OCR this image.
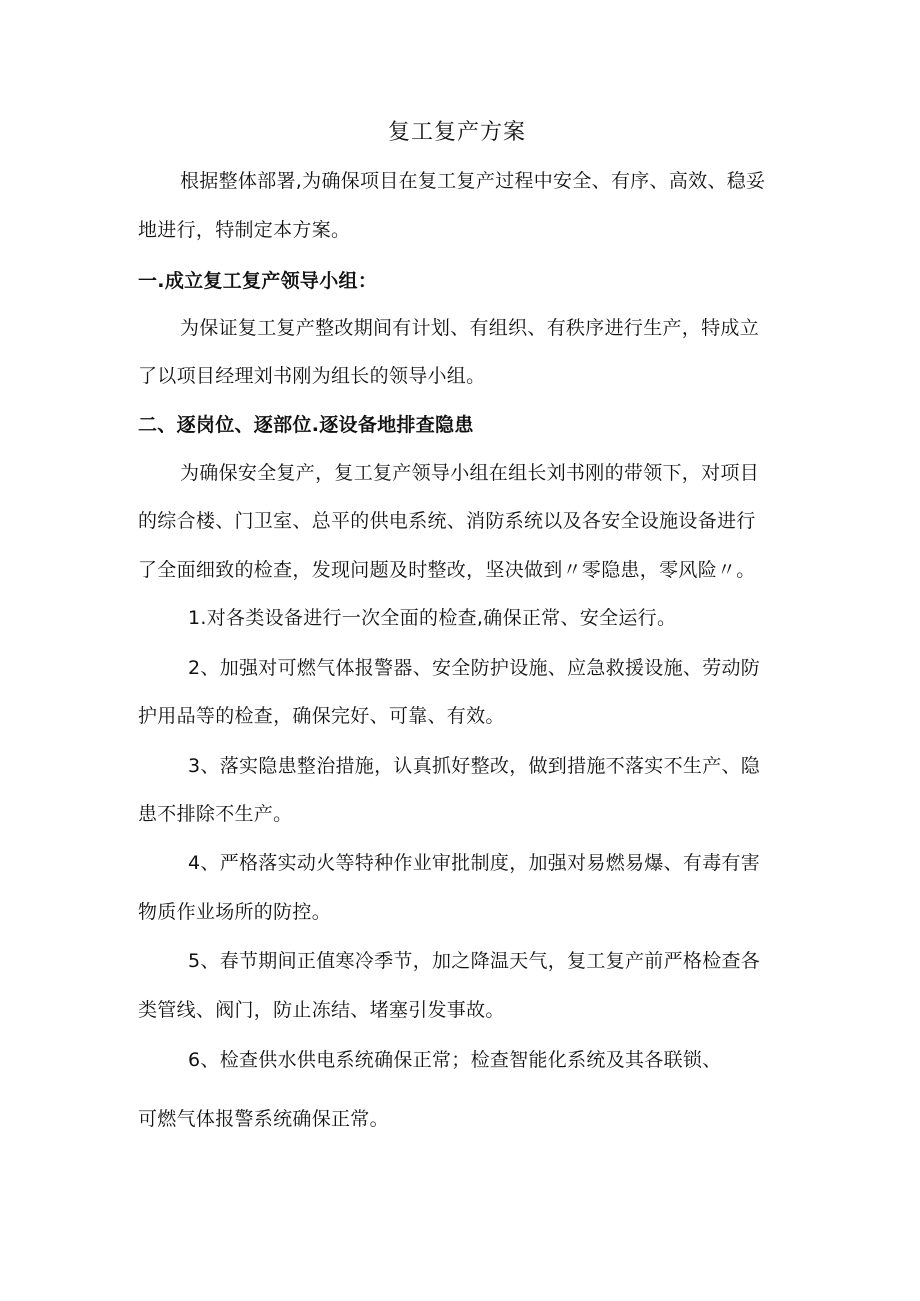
复工复产方案

根据整体部署,为确保项目在复工复产过程中安全、有序、高效、稳妥

地进行，特制定本方案。

一.成立复工复产领导小组：

为保证复工复产整改期间有计划、有组织、有秩序进行生产，特成立

了以项目经理刘书刚为组长的领导小组。

二、逐岗位、逐部位.逐设备地排查隐患

为确保安全复产，复工复产领导小组在组长刘书刚的带领下，对项目

的综合楼、门卫室、总平的供电系统、消防系统以及各安全设施设备进行

了全面细致的检查，发现问题及时整改，坚决做到〃零隐患，零风险〃。

1.对各类设备进行一次全面的检查,确保正常、安全运行。

2、加强对可燃气体报警器、安全防护设施、应急救援设施、劳动防

护用品等的检查，确保完好、可靠、有效。

3、落实隐患整治措施，认真抓好整改，做到措施不落实不生产、隐

患不排除不生产。

4、严格落实动火等特种作业审批制度，加强对易燃易爆、有毒有害

物质作业场所的防控。

5、春节期间正值寒冷季节，加之降温天气，复工复产前严格检查各

类管线、阀门，防止冻结、堵塞引发事故。

6、检查供水供电系统确保正常；检查智能化系统及其各联锁、

可燃气体报警系统确保正常。
